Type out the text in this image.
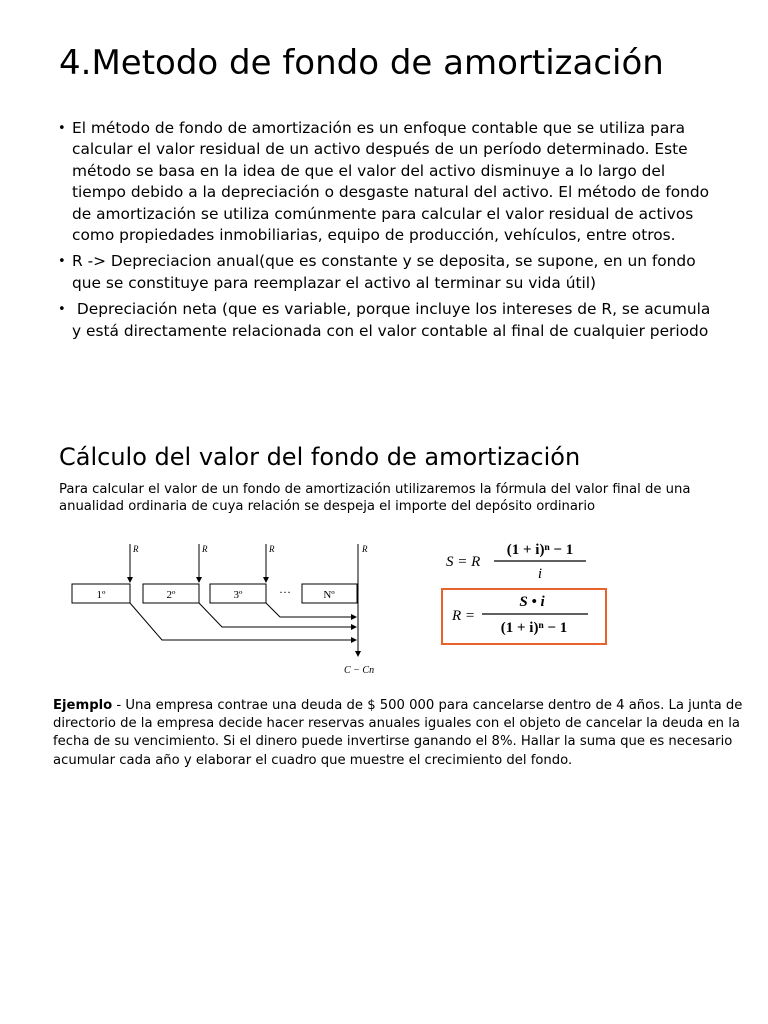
4.Metodo de fondo de amortización
• El método de fondo de amortización es un enfoque contable que se utiliza para calcular el valor residual de un activo después de un período determinado. Este método se basa en la idea de que el valor del activo disminuye a lo largo del tiempo debido a la depreciación o desgaste natural del activo. El método de fondo de amortización se utiliza comúnmente para calcular el valor residual de activos como propiedades inmobiliarias, equipo de producción, vehículos, entre otros.
• R -> Depreciacion anual(que es constante y se deposita, se supone, en un fondo que se constituye para reemplazar el activo al terminar su vida útil)
• Depreciación neta (que es variable, porque incluye los intereses de R, se acumula y está directamente relacionada con el valor contable al final de cualquier periodo
Cálculo del valor del fondo de amortización

Para calcular el valor de un fondo de amortización utilizaremos la fórmula del valor final de una anualidad ordinaria de cuya relación se despeja el importe del depósito ordinario

1º	2º	3º	···	Nº
R	R	R	R
C − Cn
S = R
(1 + i)ⁿ − 1
i
R =
S • i
(1 + i)ⁿ − 1

Ejemplo - Una empresa contrae una deuda de $ 500 000 para cancelarse dentro de 4 años. La junta de directorio de la empresa decide hacer reservas anuales iguales con el objeto de cancelar la deuda en la fecha de su vencimiento. Si el dinero puede invertirse ganando el 8%. Hallar la suma que es necesario acumular cada año y elaborar el cuadro que muestre el crecimiento del fondo.
